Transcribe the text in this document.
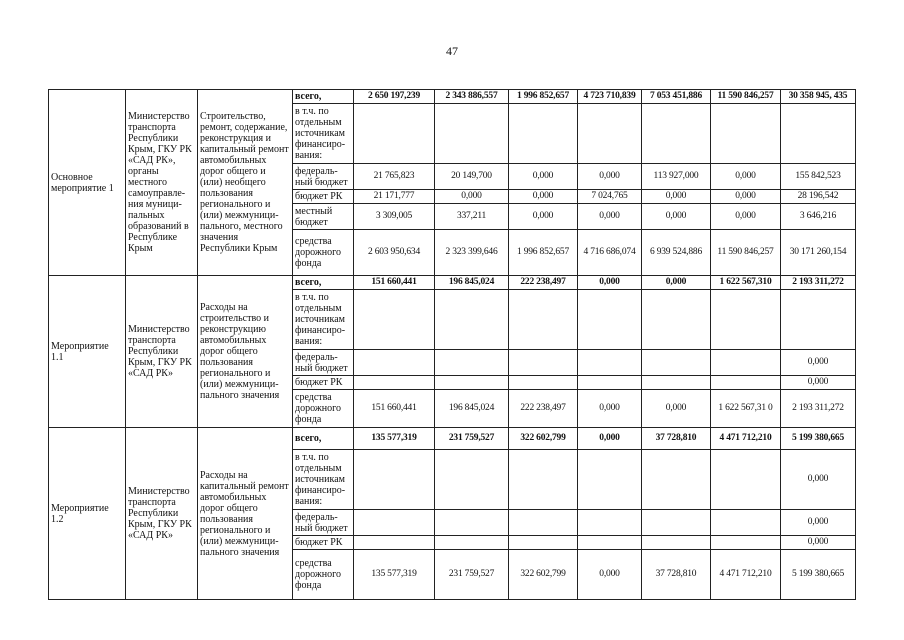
47
Основное мероприятие 1	Министерство транспорта Республики Крым, ГКУ РК «САД РК», органы местного самоуправле-ния муници-пальных образований в Республике Крым	Строительство, ремонт, содержание, реконструкция и капитальный ремонт автомобильных дорог общего и (или) необщего пользования регионального и (или) межмуници-пального, местного значения Республики Крым	всего,	2 650 197,239	2 343 886,557	1 996 852,657	4 723 710,839	7 053 451,886	11 590 846,257	30 358 945, 435
			в т.ч. по отдельным источникам финансиро-вания:							
			федераль-ный бюджет	21 765,823	20 149,700	0,000	0,000	113 927,000	0,000	155 842,523
			бюджет РК	21 171,777	0,000	0,000	7 024,765	0,000	0,000	28 196,542
			местный бюджет	3 309,005	337,211	0,000	0,000	0,000	0,000	3 646,216
			средства дорожного фонда	2 603 950,634	2 323 399,646	1 996 852,657	4 716 686,074	6 939 524,886	11 590 846,257	30 171 260,154
Мероприятие 1.1	Министерство транспорта Республики Крым, ГКУ РК «САД РК»	Расходы на строительство и реконструкцию автомобильных дорог общего пользования регионального и (или) межмуници-пального значения	всего,	151 660,441	196 845,024	222 238,497	0,000	0,000	1 622 567,310	2 193 311,272
			в т.ч. по отдельным источникам финансиро-вания:							
			федераль-ный бюджет							0,000
			бюджет РК							0,000
			средства дорожного фонда	151 660,441	196 845,024	222 238,497	0,000	0,000	1 622 567,31 0	2 193 311,272
Мероприятие 1.2	Министерство транспорта Республики Крым, ГКУ РК «САД РК»	Расходы на капитальный ремонт автомобильных дорог общего пользования регионального и (или) межмуници-пального значения	всего,	135 577,319	231 759,527	322 602,799	0,000	37 728,810	4 471 712,210	5 199 380,665
			в т.ч. по отдельным источникам финансиро-вания:							0,000
			федераль-ный бюджет							0,000
			бюджет РК							0,000
			средства дорожного фонда	135 577,319	231 759,527	322 602,799	0,000	37 728,810	4 471 712,210	5 199 380,665
